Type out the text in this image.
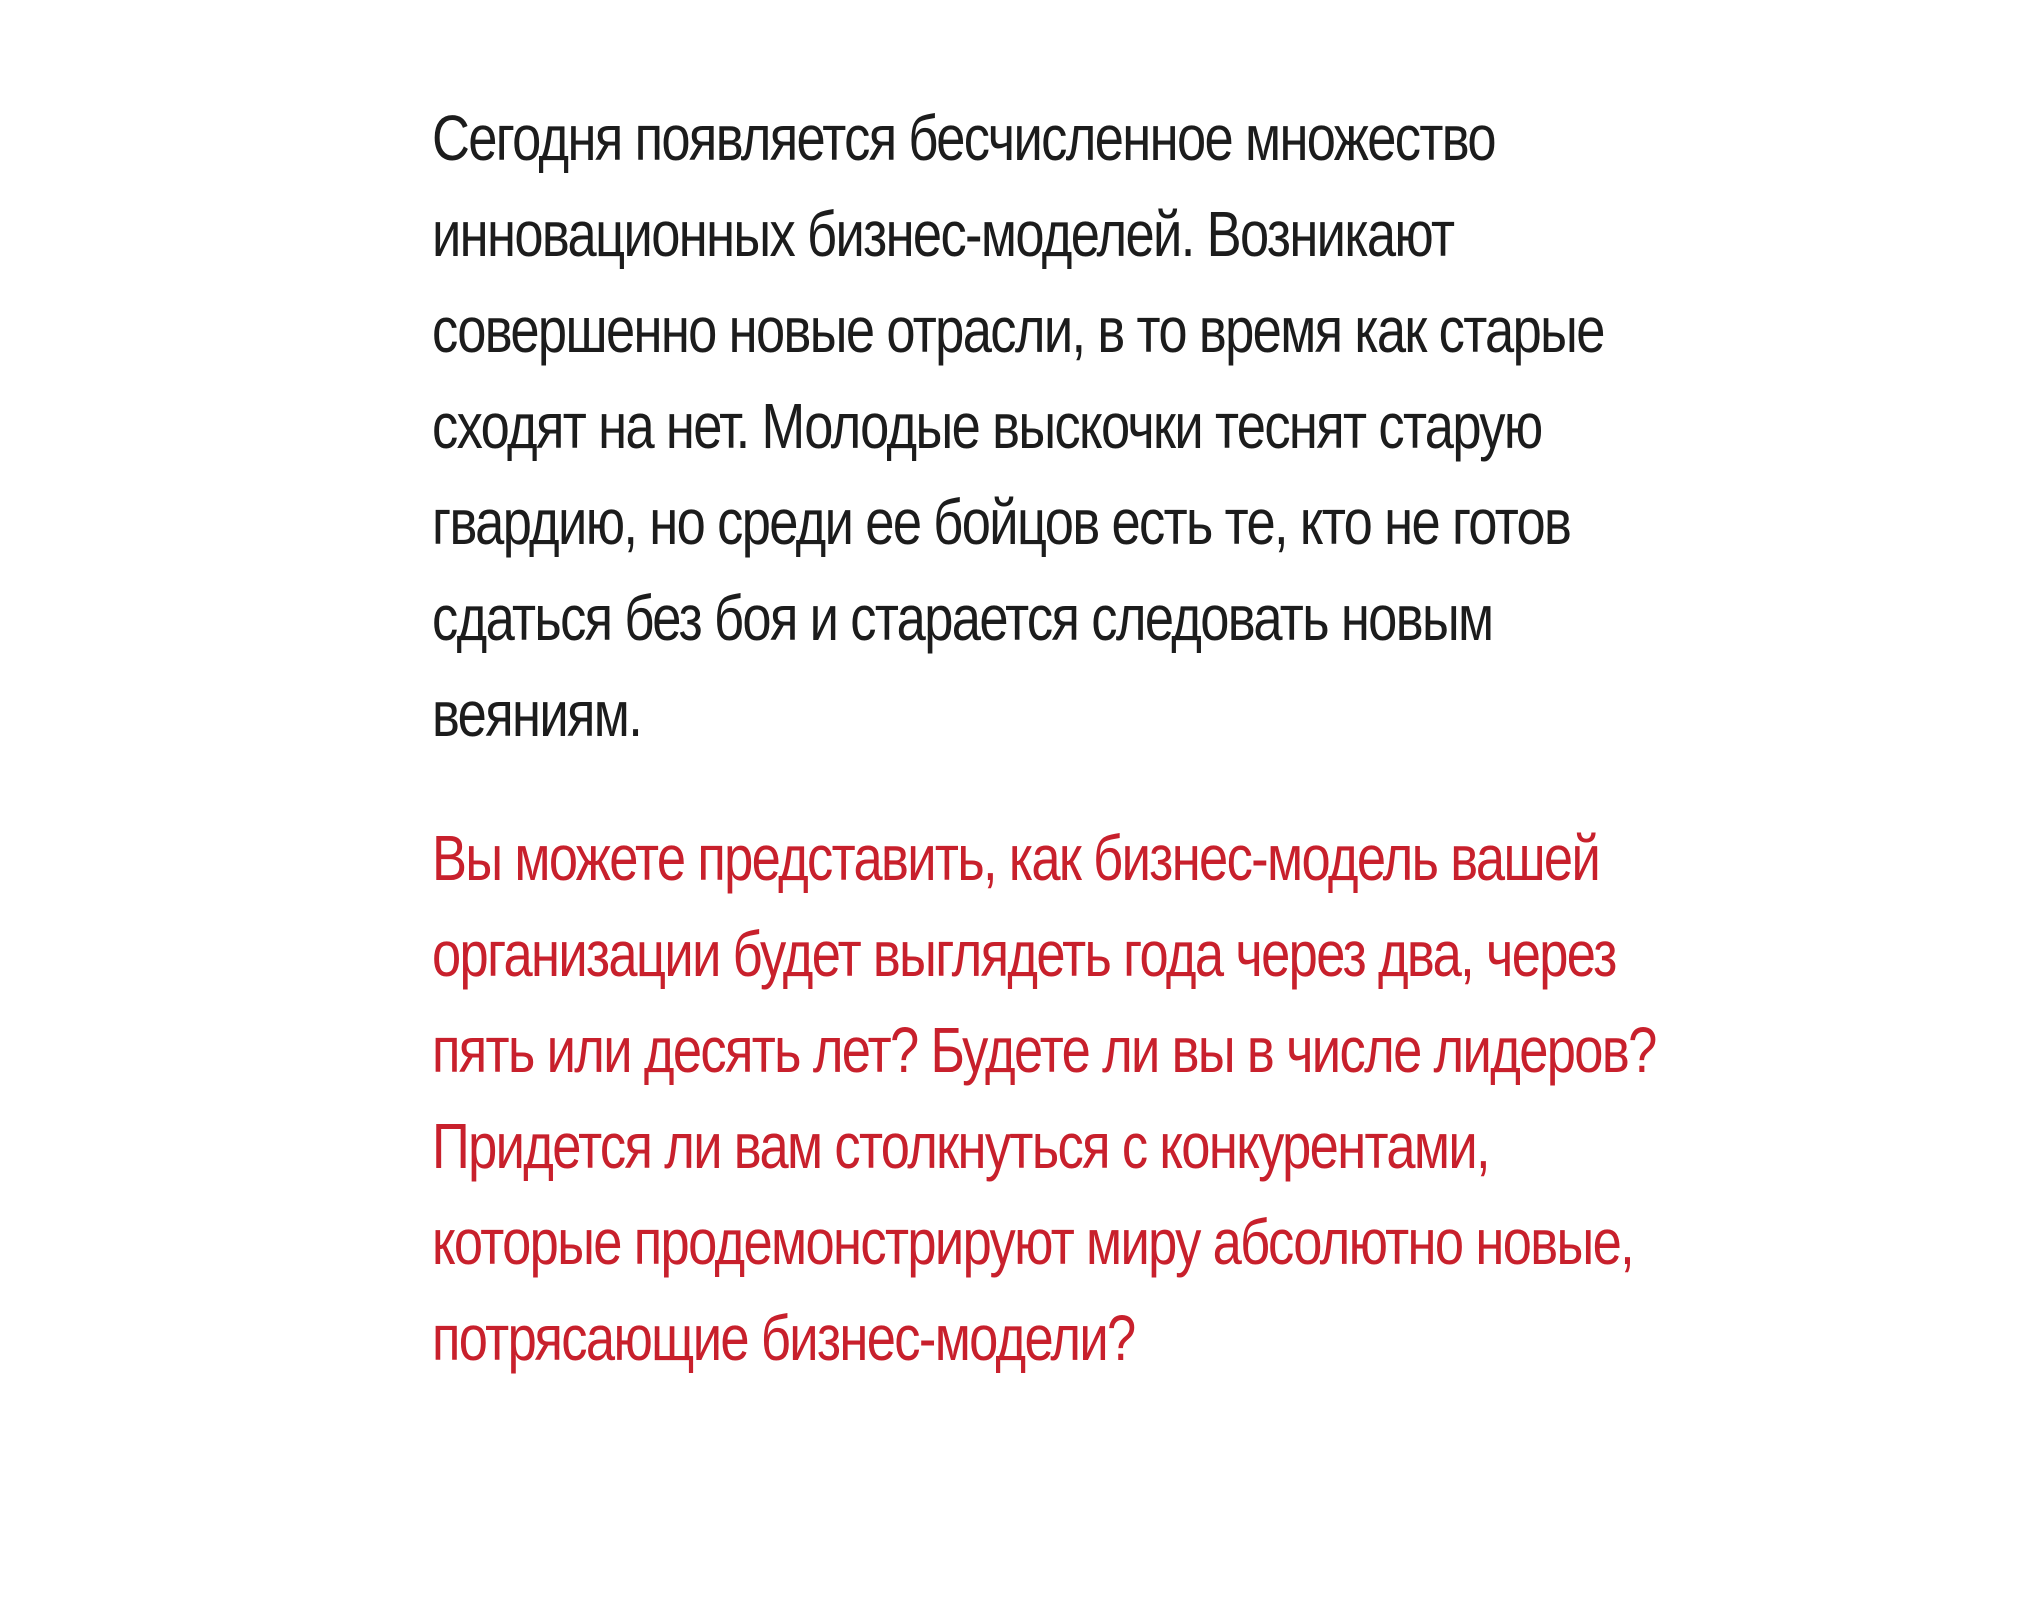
Сегодня появляется бесчисленное множество
инновационных бизнес-моделей. Возникают
совершенно новые отрасли, в то время как старые
сходят на нет. Молодые выскочки теснят старую
гвардию, но среди ее бойцов есть те, кто не готов
сдаться без боя и старается следовать новым
веяниям.
Вы можете представить, как бизнес-модель вашей
организации будет выглядеть года через два, через
пять или десять лет? Будете ли вы в числе лидеров?
Придется ли вам столкнуться с конкурентами,
которые продемонстрируют миру абсолютно новые,
потрясающие бизнес-модели?
